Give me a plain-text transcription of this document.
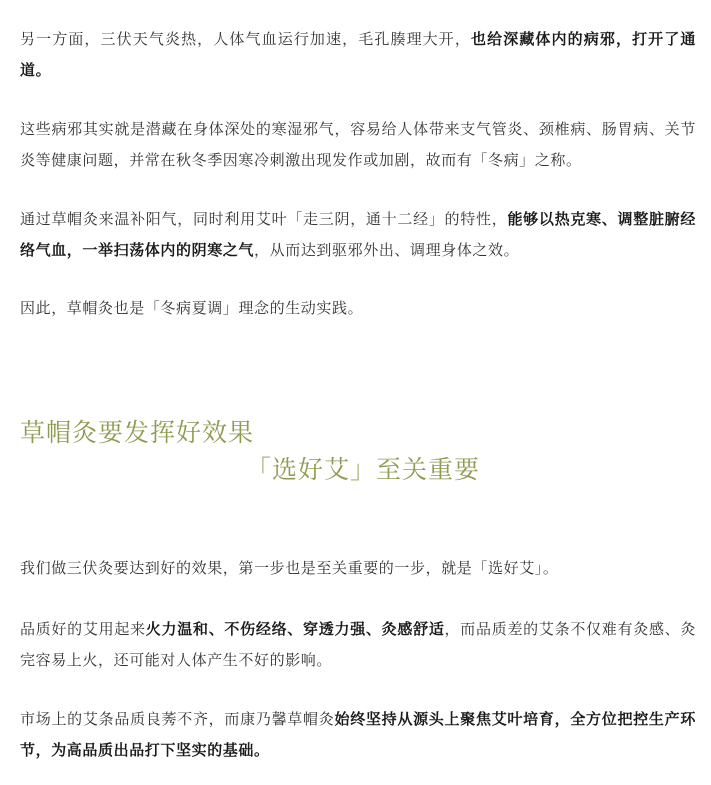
另一方面，三伏天气炎热，人体气血运行加速，毛孔腠理大开，也给深藏体内的病邪，打开了通道。

这些病邪其实就是潜藏在身体深处的寒湿邪气，容易给人体带来支气管炎、颈椎病、肠胃病、关节炎等健康问题，并常在秋冬季因寒冷刺激出现发作或加剧，故而有「冬病」之称。

通过草帽灸来温补阳气，同时利用艾叶「走三阴，通十二经」的特性，能够以热克寒、调整脏腑经络气血，一举扫荡体内的阴寒之气，从而达到驱邪外出、调理身体之效。

因此，草帽灸也是「冬病夏调」理念的生动实践。

草帽灸要发挥好效果
「选好艾」至关重要

我们做三伏灸要达到好的效果，第一步也是至关重要的一步，就是「选好艾」。

品质好的艾用起来火力温和、不伤经络、穿透力强、灸感舒适，而品质差的艾条不仅难有灸感、灸完容易上火，还可能对人体产生不好的影响。

市场上的艾条品质良莠不齐，而康乃馨草帽灸始终坚持从源头上聚焦艾叶培育，全方位把控生产环节，为高品质出品打下坚实的基础。
